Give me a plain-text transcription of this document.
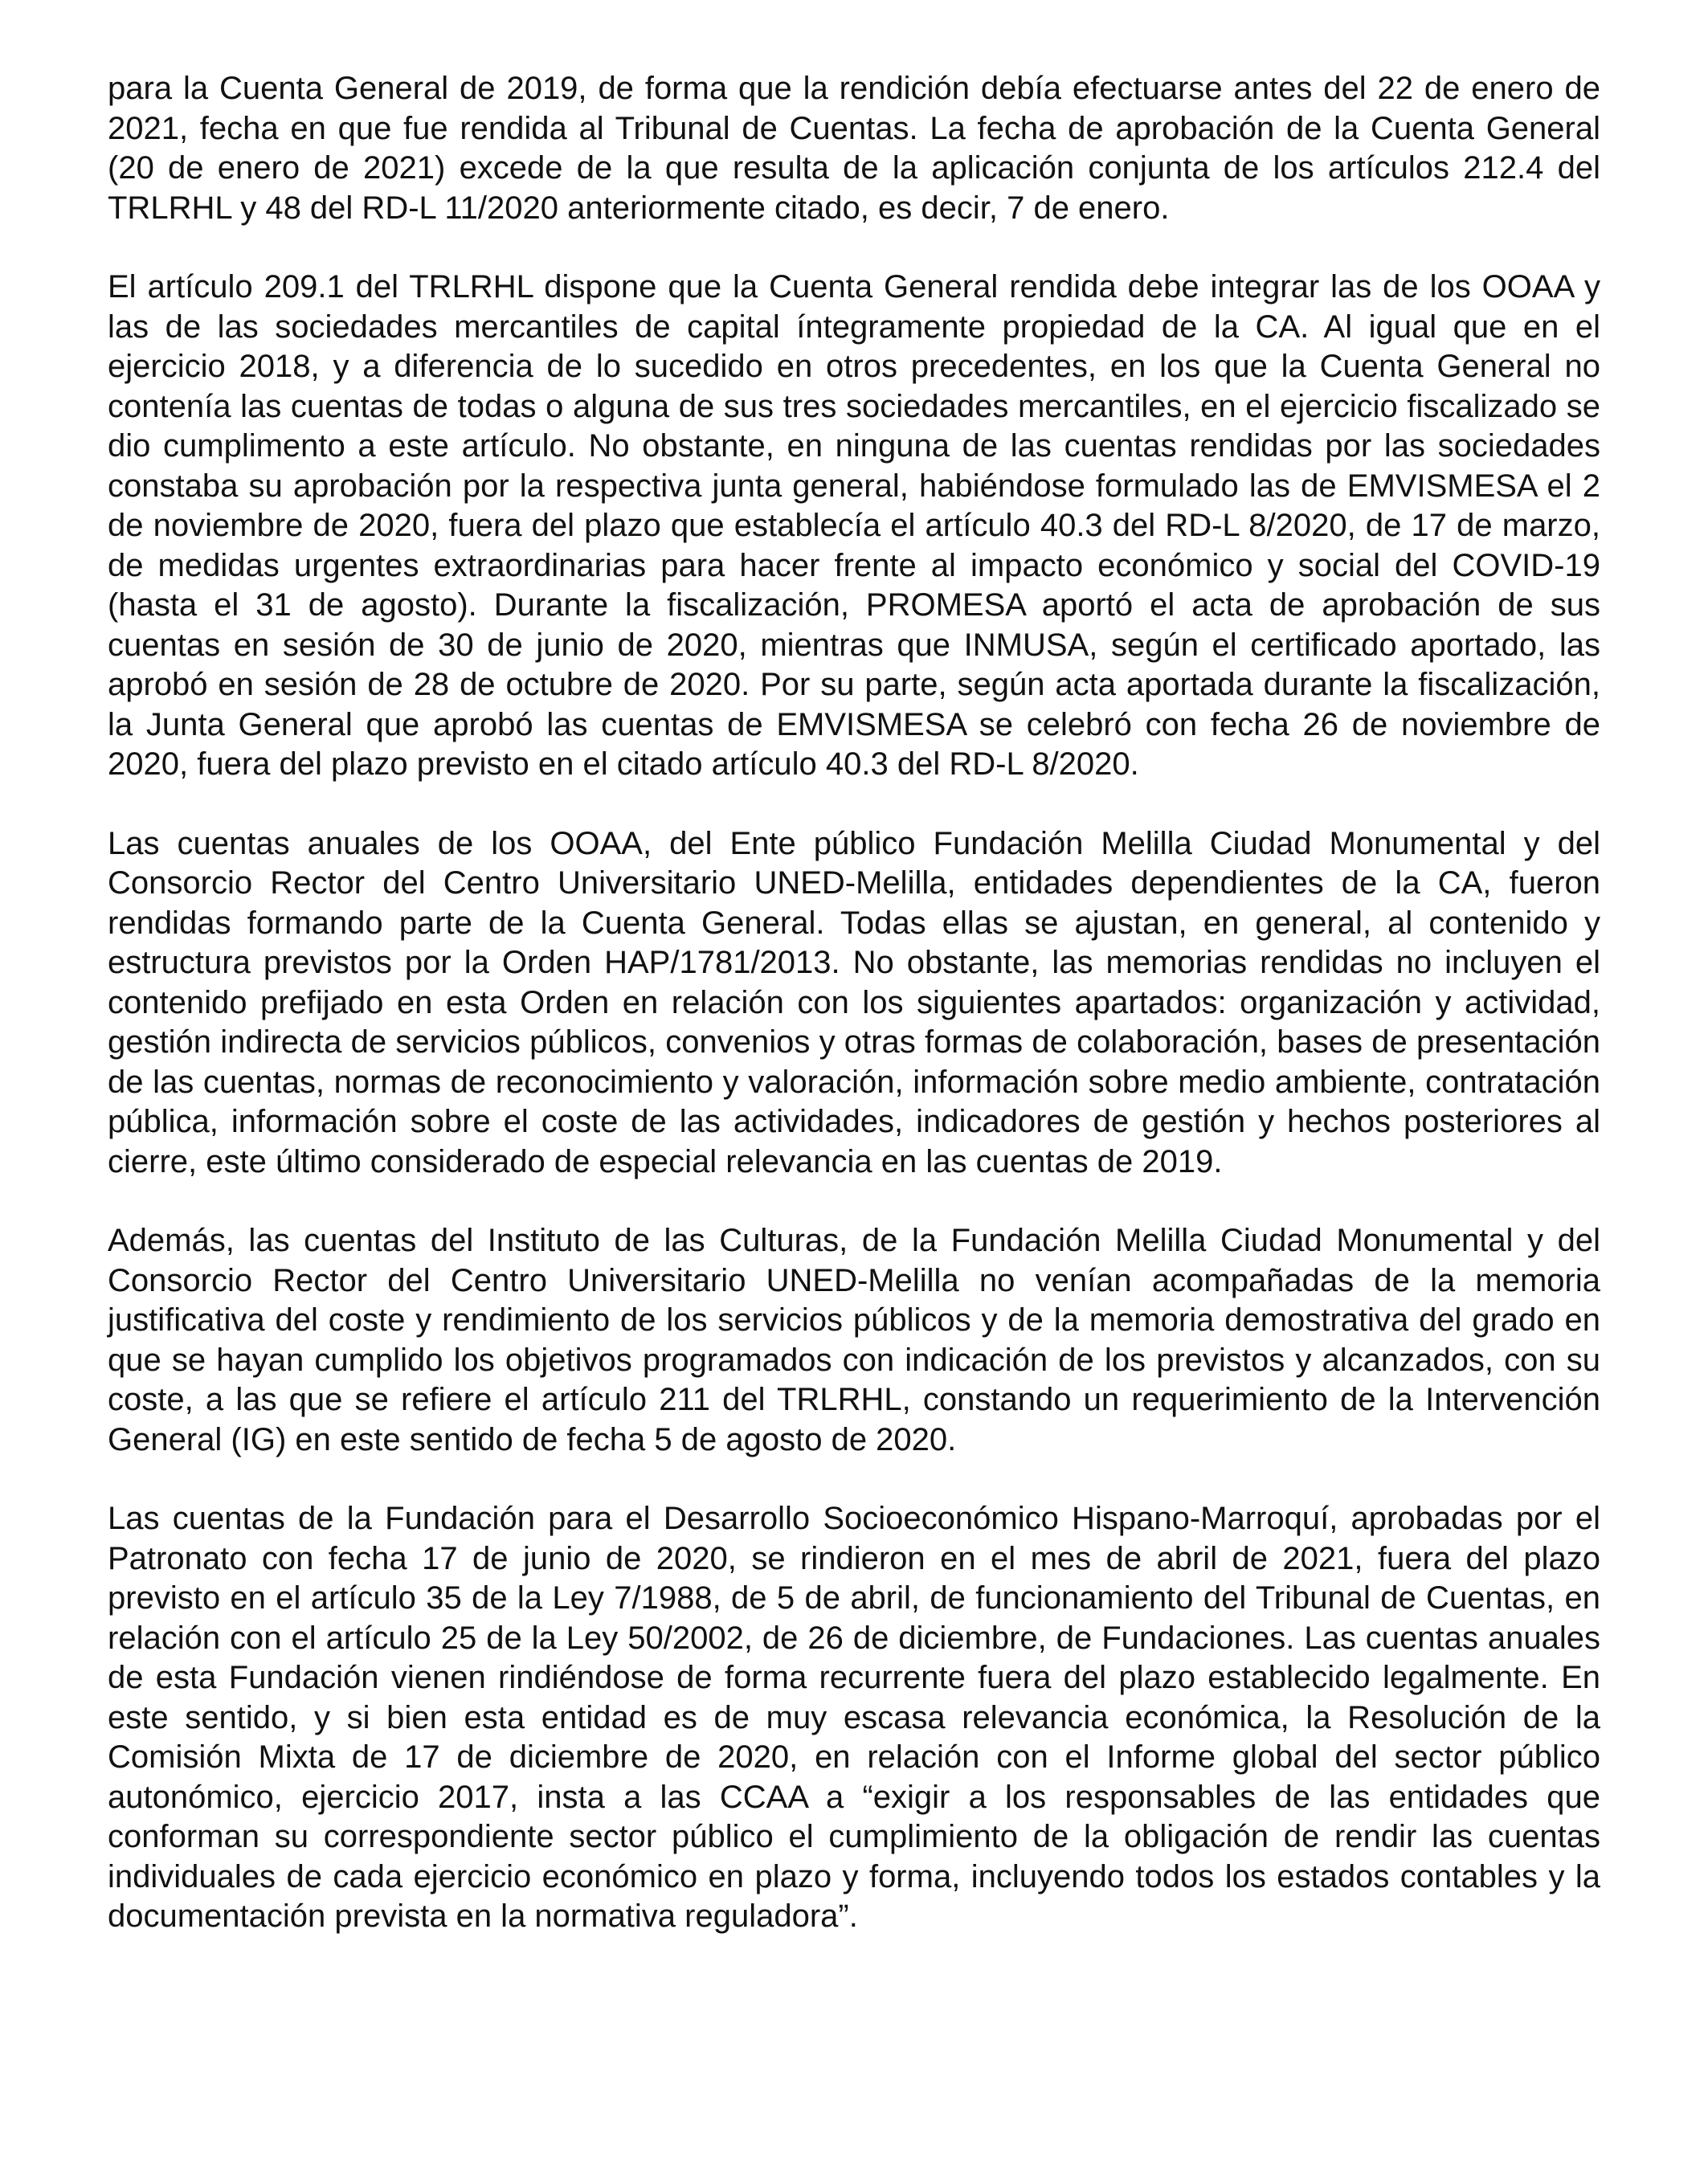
para la Cuenta General de 2019, de forma que la rendición debía efectuarse antes del 22 de enero de 2021, fecha en que fue rendida al Tribunal de Cuentas. La fecha de aprobación de la Cuenta General (20 de enero de 2021) excede de la que resulta de la aplicación conjunta de los artículos 212.4 del TRLRHL y 48 del RD-L 11/2020 anteriormente citado, es decir, 7 de enero.

El artículo 209.1 del TRLRHL dispone que la Cuenta General rendida debe integrar las de los OOAA y las de las sociedades mercantiles de capital íntegramente propiedad de la CA. Al igual que en el ejercicio 2018, y a diferencia de lo sucedido en otros precedentes, en los que la Cuenta General no contenía las cuentas de todas o alguna de sus tres sociedades mercantiles, en el ejercicio fiscalizado se dio cumplimento a este artículo. No obstante, en ninguna de las cuentas rendidas por las sociedades constaba su aprobación por la respectiva junta general, habiéndose formulado las de EMVISMESA el 2 de noviembre de 2020, fuera del plazo que establecía el artículo 40.3 del RD-L 8/2020, de 17 de marzo, de medidas urgentes extraordinarias para hacer frente al impacto económico y social del COVID-19 (hasta el 31 de agosto). Durante la fiscalización, PROMESA aportó el acta de aprobación de sus cuentas en sesión de 30 de junio de 2020, mientras que INMUSA, según el certificado aportado, las aprobó en sesión de 28 de octubre de 2020. Por su parte, según acta aportada durante la fiscalización, la Junta General que aprobó las cuentas de EMVISMESA se celebró con fecha 26 de noviembre de 2020, fuera del plazo previsto en el citado artículo 40.3 del RD-L 8/2020.

Las cuentas anuales de los OOAA, del Ente público Fundación Melilla Ciudad Monumental y del Consorcio Rector del Centro Universitario UNED-Melilla, entidades dependientes de la CA, fueron rendidas formando parte de la Cuenta General. Todas ellas se ajustan, en general, al contenido y estructura previstos por la Orden HAP/1781/2013. No obstante, las memorias rendidas no incluyen el contenido prefijado en esta Orden en relación con los siguientes apartados: organización y actividad, gestión indirecta de servicios públicos, convenios y otras formas de colaboración, bases de presentación de las cuentas, normas de reconocimiento y valoración, información sobre medio ambiente, contratación pública, información sobre el coste de las actividades, indicadores de gestión y hechos posteriores al cierre, este último considerado de especial relevancia en las cuentas de 2019.

Además, las cuentas del Instituto de las Culturas, de la Fundación Melilla Ciudad Monumental y del Consorcio Rector del Centro Universitario UNED-Melilla no venían acompañadas de la memoria justificativa del coste y rendimiento de los servicios públicos y de la memoria demostrativa del grado en que se hayan cumplido los objetivos programados con indicación de los previstos y alcanzados, con su coste, a las que se refiere el artículo 211 del TRLRHL, constando un requerimiento de la Intervención General (IG) en este sentido de fecha 5 de agosto de 2020.

Las cuentas de la Fundación para el Desarrollo Socioeconómico Hispano-Marroquí, aprobadas por el Patronato con fecha 17 de junio de 2020, se rindieron en el mes de abril de 2021, fuera del plazo previsto en el artículo 35 de la Ley 7/1988, de 5 de abril, de funcionamiento del Tribunal de Cuentas, en relación con el artículo 25 de la Ley 50/2002, de 26 de diciembre, de Fundaciones. Las cuentas anuales de esta Fundación vienen rindiéndose de forma recurrente fuera del plazo establecido legalmente. En este sentido, y si bien esta entidad es de muy escasa relevancia económica, la Resolución de la Comisión Mixta de 17 de diciembre de 2020, en relación con el Informe global del sector público autonómico, ejercicio 2017, insta a las CCAA a “exigir a los responsables de las entidades que conforman su correspondiente sector público el cumplimiento de la obligación de rendir las cuentas individuales de cada ejercicio económico en plazo y forma, incluyendo todos los estados contables y la documentación prevista en la normativa reguladora”.
